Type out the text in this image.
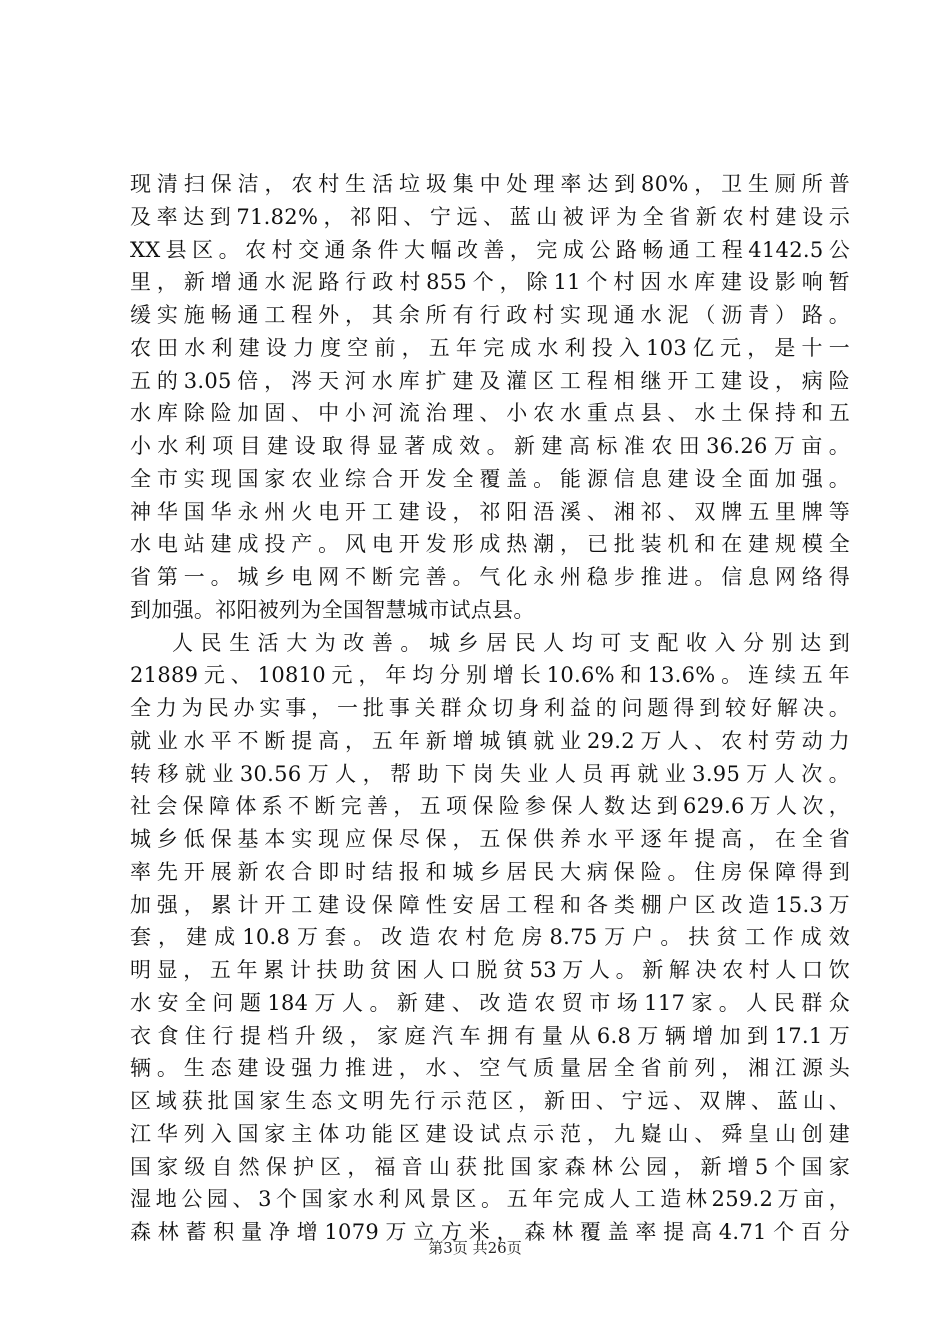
现清扫保洁，农村生活垃圾集中处理率达到80%，卫生厕所普
及率达到71.82%，祁阳、宁远、蓝山被评为全省新农村建设示
XX县区。农村交通条件大幅改善，完成公路畅通工程4142.5公
里，新增通水泥路行政村855个，除11个村因水库建设影响暂
缓实施畅通工程外，其余所有行政村实现通水泥（沥青）路。
农田水利建设力度空前，五年完成水利投入103亿元，是十一
五的3.05倍，涔天河水库扩建及灌区工程相继开工建设，病险
水库除险加固、中小河流治理、小农水重点县、水土保持和五
小水利项目建设取得显著成效。新建高标准农田36.26万亩。
全市实现国家农业综合开发全覆盖。能源信息建设全面加强。
神华国华永州火电开工建设，祁阳浯溪、湘祁、双牌五里牌等
水电站建成投产。风电开发形成热潮，已批装机和在建规模全
省第一。城乡电网不断完善。气化永州稳步推进。信息网络得
到加强。祁阳被列为全国智慧城市试点县。
人民生活大为改善。城乡居民人均可支配收入分别达到
21889元、10810元，年均分别增长10.6%和13.6%。连续五年
全力为民办实事，一批事关群众切身利益的问题得到较好解决。
就业水平不断提高，五年新增城镇就业29.2万人、农村劳动力
转移就业30.56万人，帮助下岗失业人员再就业3.95万人次。
社会保障体系不断完善，五项保险参保人数达到629.6万人次，
城乡低保基本实现应保尽保，五保供养水平逐年提高，在全省
率先开展新农合即时结报和城乡居民大病保险。住房保障得到
加强，累计开工建设保障性安居工程和各类棚户区改造15.3万
套，建成10.8万套。改造农村危房8.75万户。扶贫工作成效
明显，五年累计扶助贫困人口脱贫53万人。新解决农村人口饮
水安全问题184万人。新建、改造农贸市场117家。人民群众
衣食住行提档升级，家庭汽车拥有量从6.8万辆增加到17.1万
辆。生态建设强力推进，水、空气质量居全省前列，湘江源头
区域获批国家生态文明先行示范区，新田、宁远、双牌、蓝山、
江华列入国家主体功能区建设试点示范，九嶷山、舜皇山创建
国家级自然保护区，福音山获批国家森林公园，新增5个国家
湿地公园、3个国家水利风景区。五年完成人工造林259.2万亩，
森林蓄积量净增1079万立方米，森林覆盖率提高4.71个百分
第3页 共26页
